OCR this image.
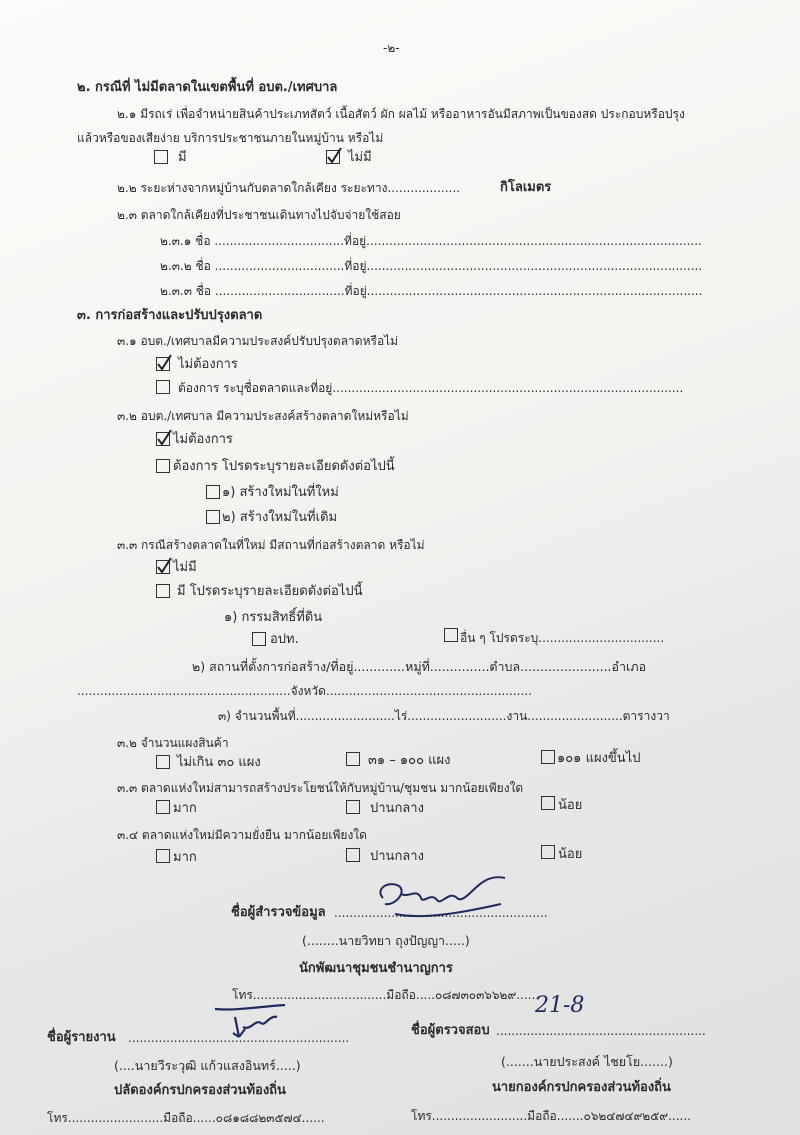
-๒-
๒. กรณีที่ ไม่มีตลาดในเขตพื้นที่ อบต./เทศบาล
๒.๑ มีรถเร่ เพื่อจำหน่ายสินค้าประเภทสัตว์ เนื้อสัตว์ ผัก ผลไม้ หรืออาหารอันมีสภาพเป็นของสด ประกอบหรือปรุง
แล้วหรือของเสียง่าย บริการประชาชนภายในหมู่บ้าน หรือไม่
มี	ไม่มี
๒.๒ ระยะห่างจากหมู่บ้านกับตลาดใกล้เคียง ระยะทาง...................	กิโลเมตร
๒.๓ ตลาดใกล้เคียงที่ประชาชนเดินทางไปจับจ่ายใช้สอย
๒.๓.๑ ชื่อ ..................................ที่อยู่........................................................................................
๒.๓.๒ ชื่อ ..................................ที่อยู่........................................................................................
๒.๓.๓ ชื่อ ..................................ที่อยู่........................................................................................
๓. การก่อสร้างและปรับปรุงตลาด
๓.๑ อบต./เทศบาลมีความประสงค์ปรับปรุงตลาดหรือไม่
ไม่ต้องการ
ต้องการ ระบุชื่อตลาดและที่อยู่............................................................................................
๓.๒ อบต./เทศบาล มีความประสงค์สร้างตลาดใหม่หรือไม่
ไม่ต้องการ
ต้องการ โปรดระบุรายละเอียดดังต่อไปนี้
๑) สร้างใหม่ในที่ใหม่
๒) สร้างใหม่ในที่เดิม
๓.๓ กรณีสร้างตลาดในที่ใหม่ มีสถานที่ก่อสร้างตลาด หรือไม่
ไม่มี
มี โปรดระบุรายละเอียดดังต่อไปนี้
๑) กรรมสิทธิ์ที่ดิน
อปท.	อื่น ๆ โปรดระบุ.................................
๒) สถานที่ตั้งการก่อสร้าง/ที่อยู่.............หมู่ที่...............ตำบล.......................อำเภอ
........................................................จังหวัด......................................................
๓) จำนวนพื้นที่..........................ไร่..........................งาน.........................ตารางวา
๓.๒ จำนวนแผงสินค้า
ไม่เกิน ๓๐ แผง	๓๑ – ๑๐๐ แผง	๑๐๑ แผงขึ้นไป
๓.๓ ตลาดแห่งใหม่สามารถสร้างประโยชน์ให้กับหมู่บ้าน/ชุมชน มากน้อยเพียงใด
มาก	ปานกลาง	น้อย
๓.๔ ตลาดแห่งใหม่มีความยั่งยืน มากน้อยเพียงใด
มาก	ปานกลาง	น้อย
ชื่อผู้สำรวจข้อมูล ........................................................
(........นายวิทยา ถุงปัญญา.....)
นักพัฒนาชุมชนชำนาญการ
โทร...................................มือถือ.....๐๘๗๓๐๓๖๖๒๙......
ชื่อผู้รายงาน ..........................................................
(....นายวีระวุฒิ แก้วแสงอินทร์.....)
ปลัดองค์กรปกครองส่วนท้องถิ่น
โทร.........................มือถือ......๐๘๑๘๘๒๓๕๗๔......
21-8
ชื่อผู้ตรวจสอบ .......................................................
(.......นายประสงค์ ไชยโย.......)
นายกองค์กรปกครองส่วนท้องถิ่น
โทร.........................มือถือ.......๐๖๒๔๗๔๙๒๕๙......
